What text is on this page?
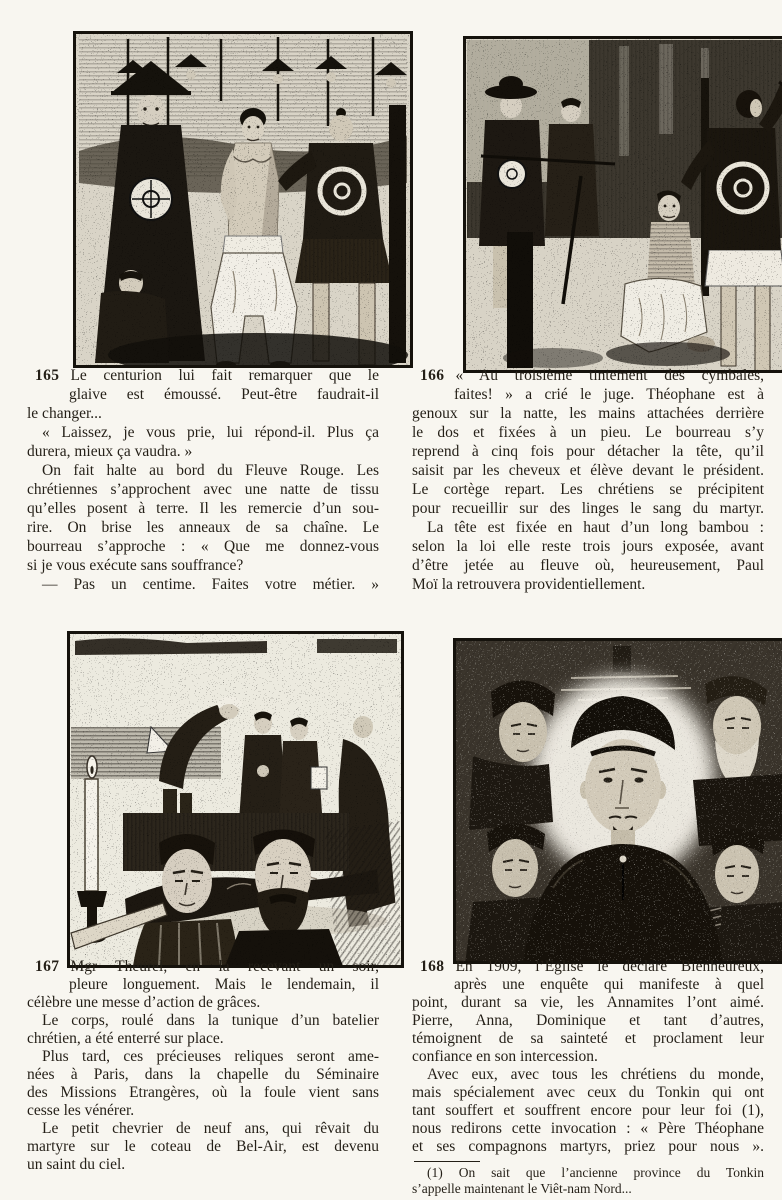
165 Le centurion lui fait remarquer que le
glaive est émoussé. Peut-être faudrait-il
le changer...
« Laissez, je vous prie, lui répond-il. Plus ça
durera, mieux ça vaudra. »
On fait halte au bord du Fleuve Rouge. Les
chrétiennes s’approchent avec une natte de tissu
qu’elles posent à terre. Il les remercie d’un sou-
rire. On brise les anneaux de sa chaîne. Le
bourreau s’approche : « Que me donnez-vous
si je vous exécute sans souffrance?
— Pas un centime. Faites votre métier. »
166 « Au troisième tintement des cymbales,
faites! » a crié le juge. Théophane est à
genoux sur la natte, les mains attachées derrière
le dos et fixées à un pieu. Le bourreau s’y
reprend à cinq fois pour détacher la tête, qu’il
saisit par les cheveux et élève devant le président.
Le cortège repart. Les chrétiens se précipitent
pour recueillir sur des linges le sang du martyr.
La tête est fixée en haut d’un long bambou :
selon la loi elle reste trois jours exposée, avant
d’être jetée au fleuve où, heureusement, Paul
Moï la retrouvera providentiellement.
167 Mgr Theurel, en la recevant un soir,
pleure longuement. Mais le lendemain, il
célèbre une messe d’action de grâces.
Le corps, roulé dans la tunique d’un batelier
chrétien, a été enterré sur place.
Plus tard, ces précieuses reliques seront ame-
nées à Paris, dans la chapelle du Séminaire
des Missions Etrangères, où la foule vient sans
cesse les vénérer.
Le petit chevrier de neuf ans, qui rêvait du
martyre sur le coteau de Bel-Air, est devenu
un saint du ciel.
168 En 1909, l’Église le déclare Bienheureux,
après une enquête qui manifeste à quel
point, durant sa vie, les Annamites l’ont aimé.
Pierre, Anna, Dominique et tant d’autres,
témoignent de sa sainteté et proclament leur
confiance en son intercession.
Avec eux, avec tous les chrétiens du monde,
mais spécialement avec ceux du Tonkin qui ont
tant souffert et souffrent encore pour leur foi (1),
nous redirons cette invocation : « Père Théophane
et ses compagnons martyrs, priez pour nous ».
(1) On sait que l’ancienne province du Tonkin
s’appelle maintenant le Viêt-nam Nord...
